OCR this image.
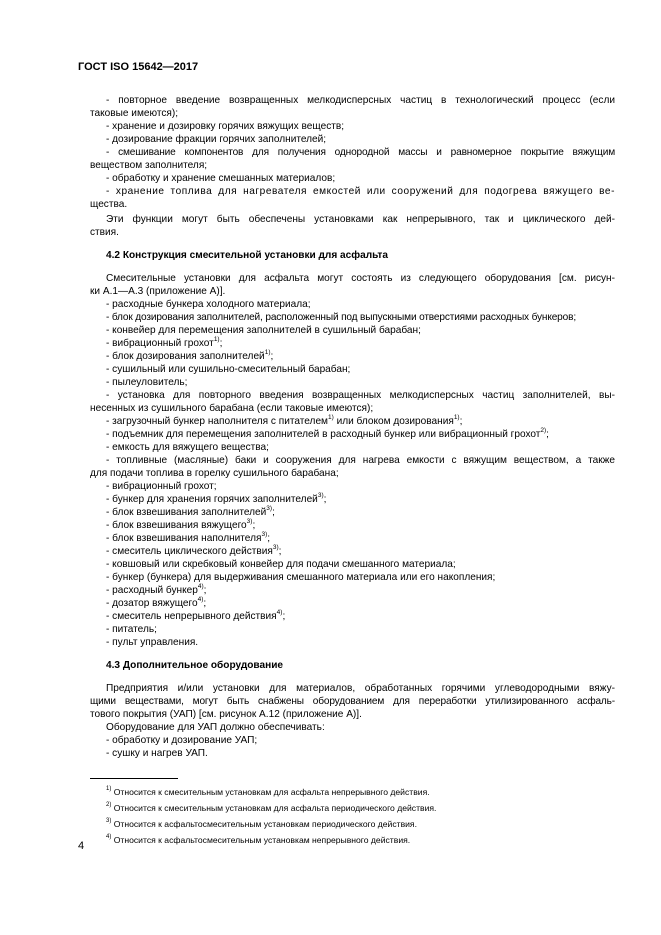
ГОСТ ISO 15642—2017
- повторное введение возвращенных мелкодисперсных частиц в технологический процесс (если
таковые имеются);
- хранение и дозировку горячих вяжущих веществ;
- дозирование фракции горячих заполнителей;
- смешивание компонентов для получения однородной массы и равномерное покрытие вяжущим
веществом заполнителя;
- обработку и хранение смешанных материалов;
- хранение топлива для нагревателя емкостей или сооружений для подогрева вяжущего ве-
щества.
Эти функции могут быть обеспечены установками как непрерывного, так и циклического дей-
ствия.
4.2 Конструкция смесительной установки для асфальта
Смесительные установки для асфальта могут состоять из следующего оборудования [см. рисун-
ки А.1—А.3 (приложение А)].
- расходные бункера холодного материала;
- блок дозирования заполнителей, расположенный под выпускными отверстиями расходных бункеров;
- конвейер для перемещения заполнителей в сушильный барабан;
- вибрационный грохот$^{1)}$;
- блок дозирования заполнителей$^{1)}$;
- сушильный или сушильно-смесительный барабан;
- пылеуловитель;
- установка для повторного введения возвращенных мелкодисперсных частиц заполнителей, вы-
несенных из сушильного барабана (если таковые имеются);
- загрузочный бункер наполнителя с питателем$^{1)}$ или блоком дозирования$^{1)}$;
- подъемник для перемещения заполнителей в расходный бункер или вибрационный грохот$^{2)}$;
- емкость для вяжущего вещества;
- топливные (масляные) баки и сооружения для нагрева емкости с вяжущим веществом, а также
для подачи топлива в горелку сушильного барабана;
- вибрационный грохот;
- бункер для хранения горячих заполнителей$^{3)}$;
- блок взвешивания заполнителей$^{3)}$;
- блок взвешивания вяжущего$^{3)}$;
- блок взвешивания наполнителя$^{3)}$;
- смеситель циклического действия$^{3)}$;
- ковшовый или скребковый конвейер для подачи смешанного материала;
- бункер (бункера) для выдерживания смешанного материала или его накопления;
- расходный бункер$^{4)}$;
- дозатор вяжущего$^{4)}$;
- смеситель непрерывного действия$^{4)}$;
- питатель;
- пульт управления.
4.3 Дополнительное оборудование
Предприятия и/или установки для материалов, обработанных горячими углеводородными вяжу-
щими веществами, могут быть снабжены оборудованием для переработки утилизированного асфаль-
тового покрытия (УАП) [см. рисунок А.12 (приложение А)].
Оборудование для УАП должно обеспечивать:
- обработку и дозирование УАП;
- сушку и нагрев УАП.
$^{1)}$ Относится к смесительным установкам для асфальта непрерывного действия.
$^{2)}$ Относится к смесительным установкам для асфальта периодического действия.
$^{3)}$ Относится к асфальтосмесительным установкам периодического действия.
$^{4)}$ Относится к асфальтосмесительным установкам непрерывного действия.
4
